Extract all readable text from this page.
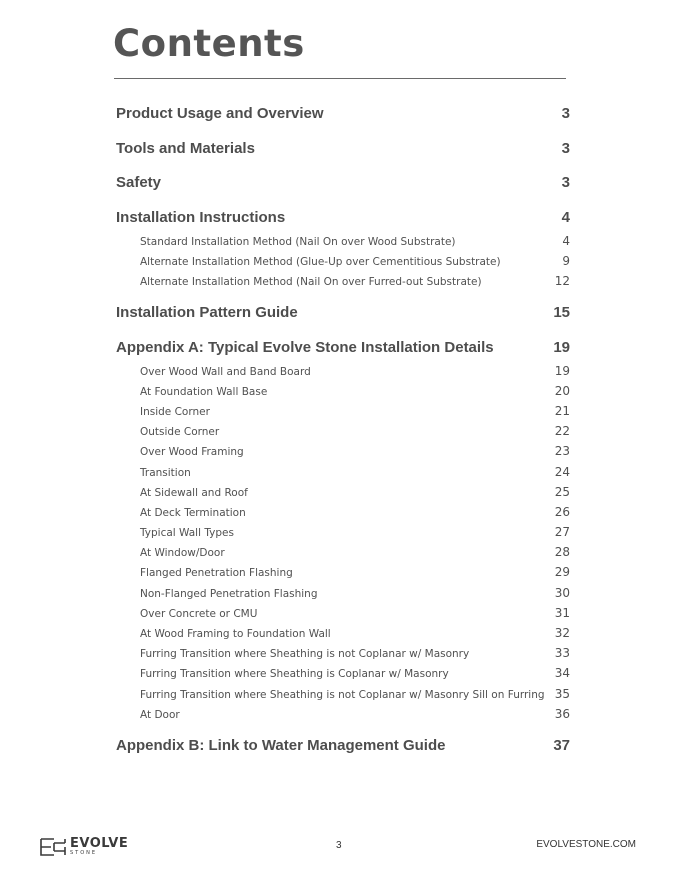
Contents
Product Usage and Overview	3
Tools and Materials	3
Safety	3
Installation Instructions	4
Standard Installation Method (Nail On over Wood Substrate)	4
Alternate Installation Method (Glue-Up over Cementitious Substrate)	9
Alternate Installation Method (Nail On over Furred-out Substrate)	12
Installation Pattern Guide	15
Appendix A: Typical Evolve Stone Installation Details	19
Over Wood Wall and Band Board	19
At Foundation Wall Base	20
Inside Corner	21
Outside Corner	22
Over Wood Framing	23
Transition	24
At Sidewall and Roof	25
At Deck Termination	26
Typical Wall Types	27
At Window/Door	28
Flanged Penetration Flashing	29
Non-Flanged Penetration Flashing	30
Over Concrete or CMU	31
At Wood Framing to Foundation Wall	32
Furring Transition where Sheathing is not Coplanar w/ Masonry	33
Furring Transition where Sheathing is Coplanar w/ Masonry	34
Furring Transition where Sheathing is not Coplanar w/ Masonry Sill on Furring 35
At Door	36
Appendix B: Link to Water Management Guide	37
EVOLVE
STONE
3	EVOLVESTONE.COM
